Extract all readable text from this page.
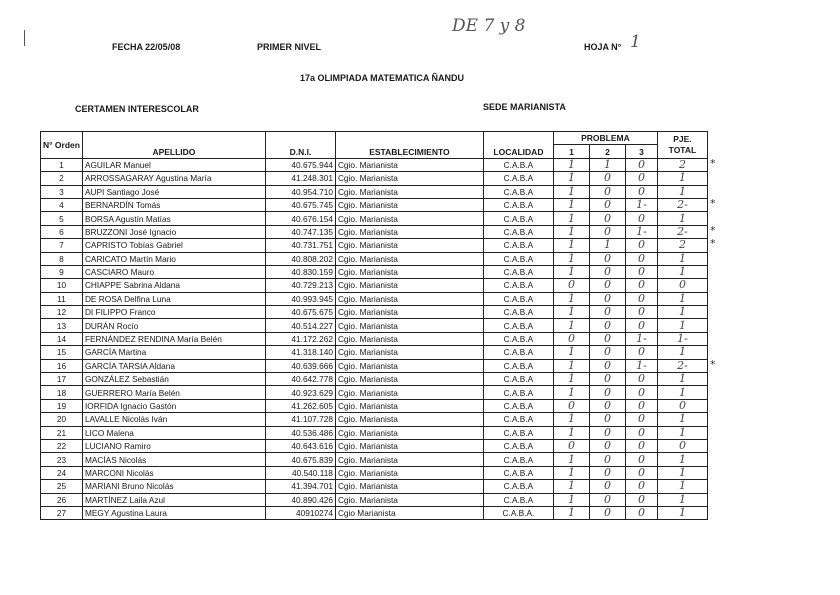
FECHA 22/05/08	PRIMER NIVEL
DE 7 y 8
HOJA N° 1
17a OLIMPIADA MATEMATICA ÑANDU
CERTAMEN INTERESCOLAR	SEDE MARIANISTA
N° Orden	APELLIDO	D.N.I.	ESTABLECIMIENTO	LOCALIDAD	PROBLEMA			PJE. TOTAL
					1	2	3	
1	AGUILAR Manuel	40.675.944	Cgio. Marianista	C.A.B.A	1	1	0	2
2	ARROSSAGARAY Agustina María	41.248.301	Cgio. Marianista	C.A.B.A	1	0	0	1
3	AUPI Santiago José	40.954.710	Cgio. Marianista	C.A.B.A	1	0	0	1
4	BERNARDÍN Tomás	40.675.745	Cgio. Marianista	C.A.B.A	1	0	1-	2-
5	BORSA Agustín Matías	40.676.154	Cgio. Marianista	C.A.B.A	1	0	0	1
6	BRUZZONI José Ignacio	40.747.135	Cgio. Marianista	C.A.B.A	1	0	1-	2-
7	CAPRISTO Tobías Gabriel	40.731.751	Cgio. Marianista	C.A.B.A	1	1	0	2
8	CARICATO Martín Mario	40.808.202	Cgio. Marianista	C.A.B.A	1	0	0	1
9	CASCIARO Mauro	40.830.159	Cgio. Marianista	C.A.B.A	1	0	0	1
10	CHIAPPE Sabrina Aldana	40.729.213	Cgio. Marianista	C.A.B.A	0	0	0	0
11	DE ROSA Delfina Luna	40.993.945	Cgio. Marianista	C.A.B.A	1	0	0	1
12	DI FILIPPO Franco	40.675.675	Cgio. Marianista	C.A.B.A	1	0	0	1
13	DURÁN Rocío	40.514.227	Cgio. Marianista	C.A.B.A	1	0	0	1
14	FERNÁNDEZ RENDINA María Belén	41.172.262	Cgio. Marianista	C.A.B.A	0	0	1-	1-
15	GARCÍA Martina	41.318.140	Cgio. Marianista	C.A.B.A	1	0	0	1
16	GARCÍA TARSIA Aldana	40.639.666	Cgio. Marianista	C.A.B.A	1	0	1-	2-
17	GONZÁLEZ Sebastián	40.642.778	Cgio. Marianista	C.A.B.A	1	0	0	1
18	GUERRERO María Belén	40.923.629	Cgio. Marianista	C.A.B.A	1	0	0	1
19	IORFIDA Ignacio Gastón	41.262.605	Cgio. Marianista	C.A.B.A	0	0	0	0
20	LAVALLE Nicolás Iván	41.107.728	Cgio. Marianista	C.A.B.A	1	0	0	1
21	LICO Malena	40.536.486	Cgio. Marianista	C.A.B.A	1	0	0	1
22	LUCIANO Ramiro	40.643.616	Cgio. Marianista	C.A.B.A	0	0	0	0
23	MACÍAS Nicolás	40.675.839	Cgio. Marianista	C.A.B.A	1	0	0	1
24	MARCONI Nicolás	40.540.118	Cgio. Marianista	C.A.B.A	1	0	0	1
25	MARIANI Bruno Nicolás	41.394.701	Cgio. Marianista	C.A.B.A	1	0	0	1
26	MARTÍNEZ Laila Azul	40.890.426	Cgio. Marianista	C.A.B.A	1	0	0	1
27	MEGY Agustina Laura	40910274	Cgio Marianista	C.A.B.A.	1	0	0	1
*
*
*
*
*
